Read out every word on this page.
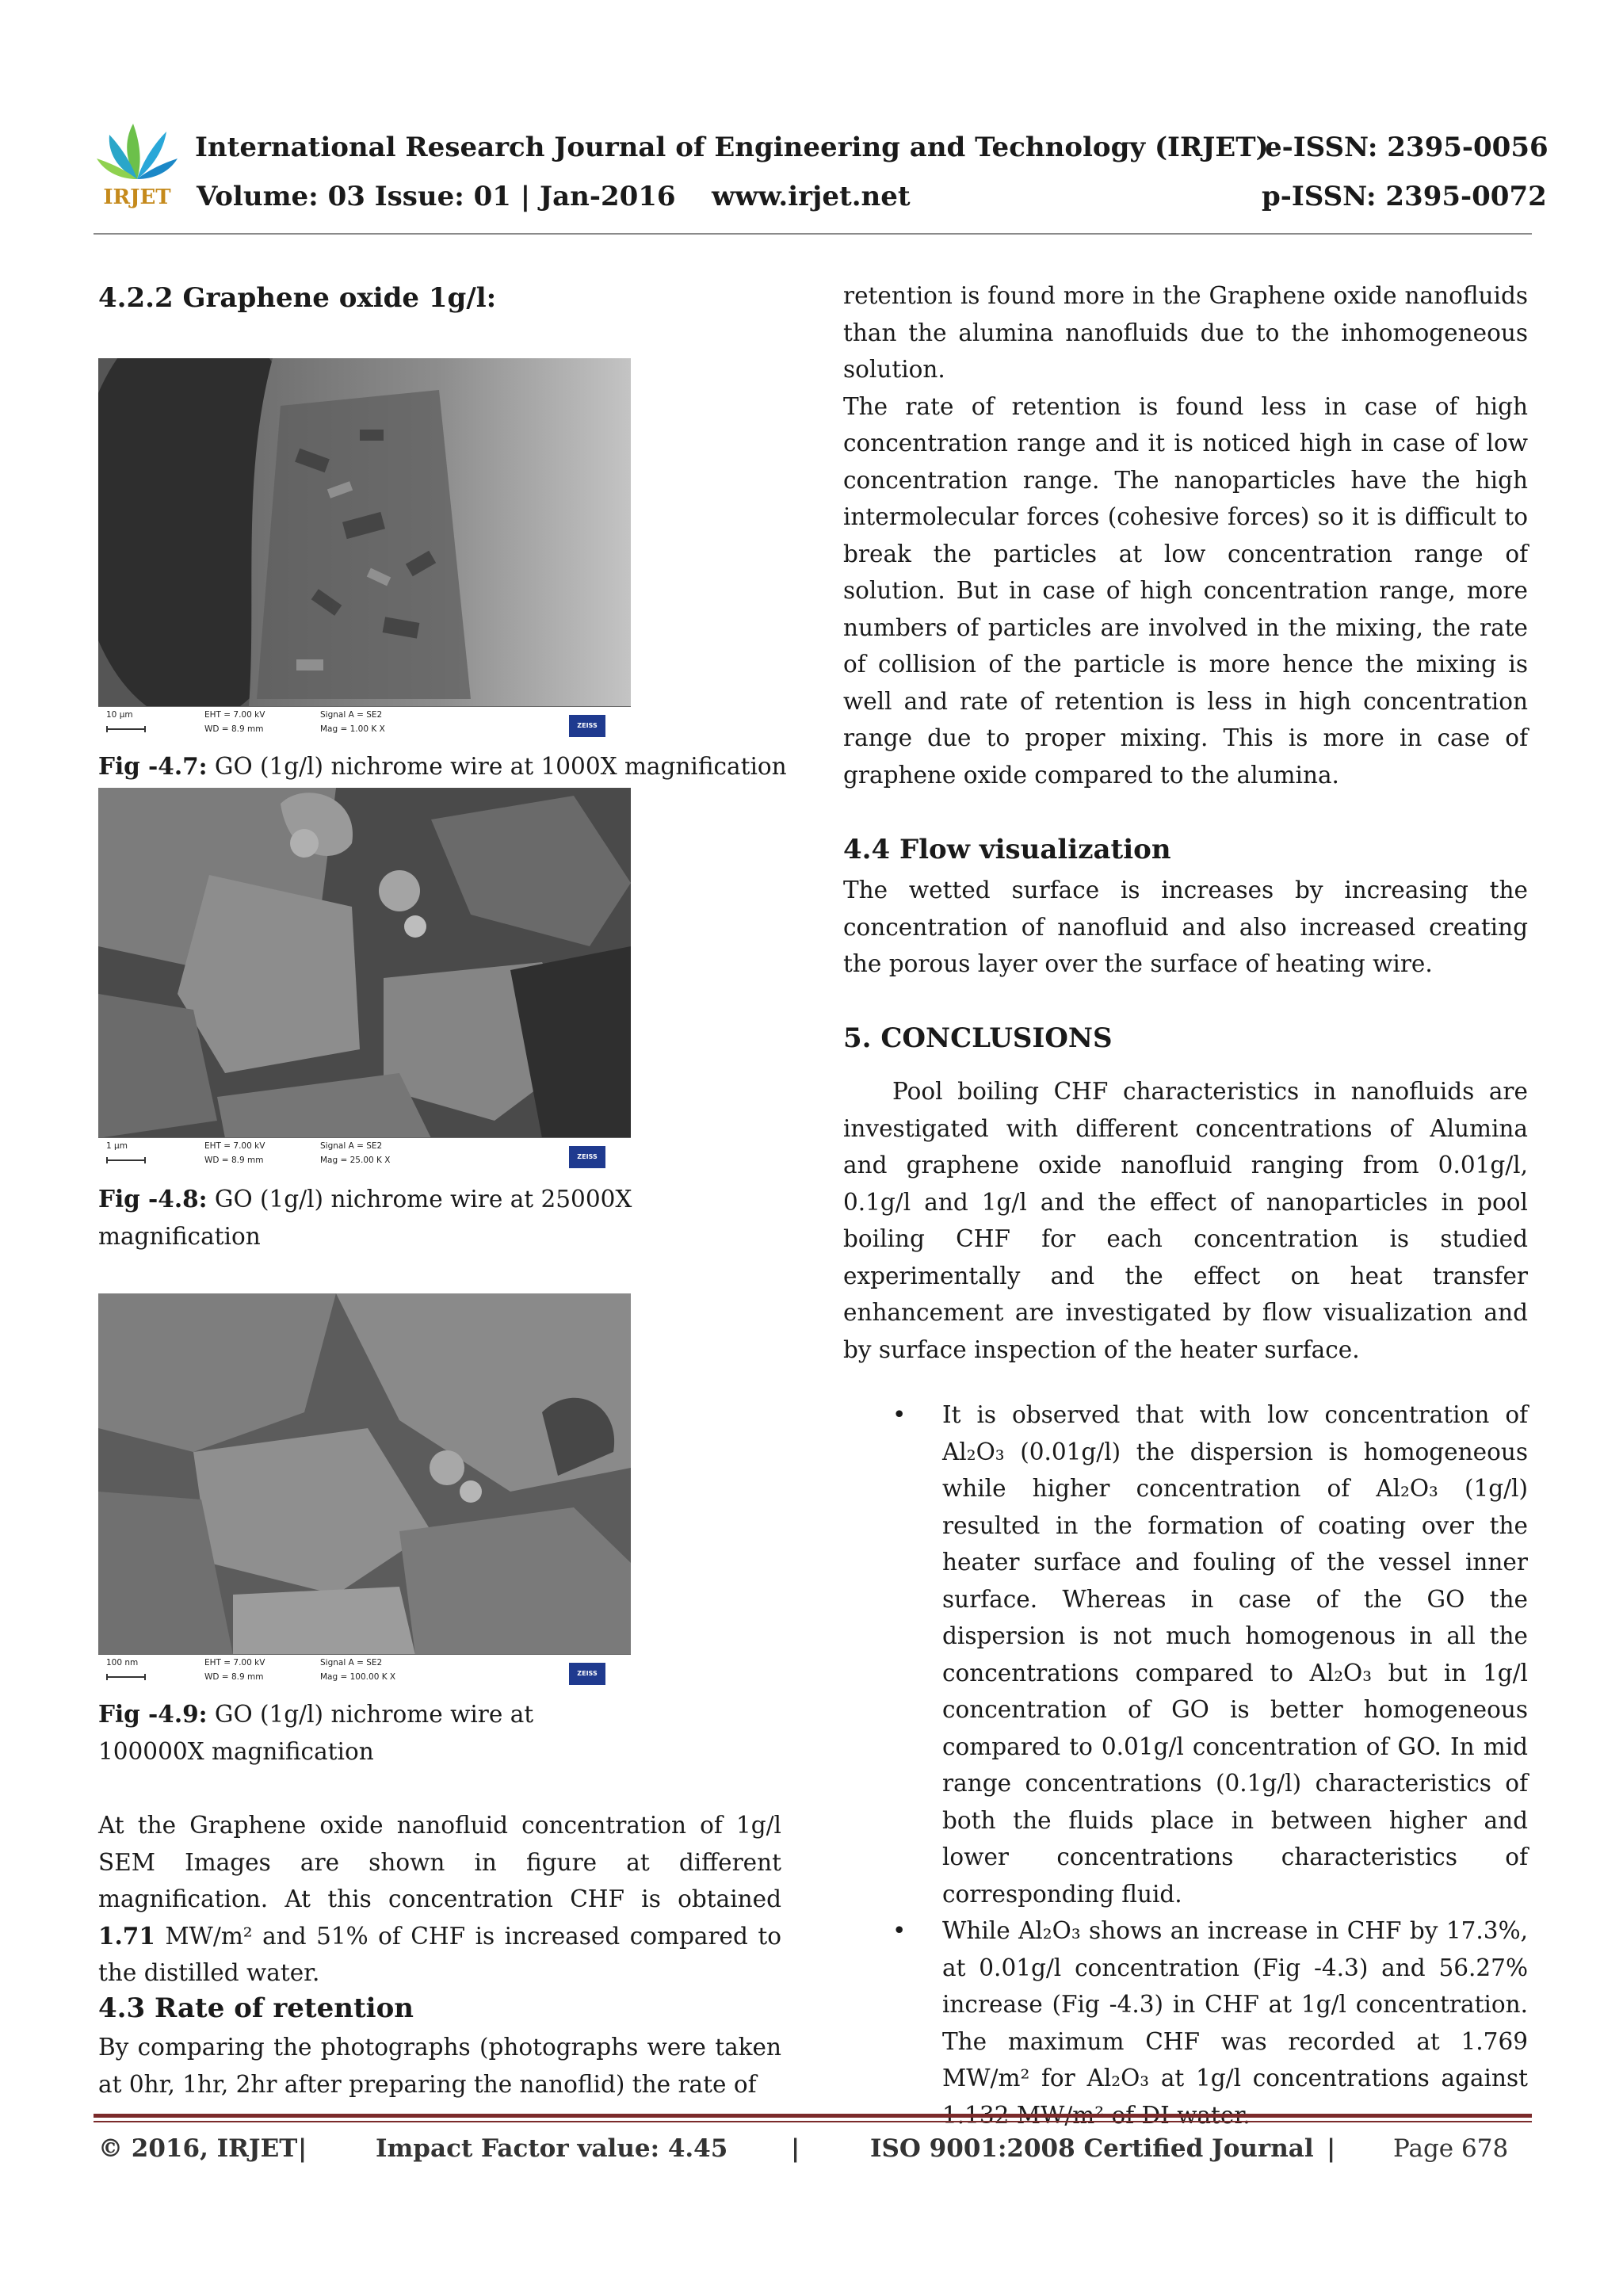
IRJET
International Research Journal of Engineering and Technology (IRJET)
e-ISSN: 2395-0056
Volume: 03 Issue: 01 | Jan-2016 www.irjet.net	p-ISSN: 2395-0072
4.2.2 Graphene oxide 1g/l:
10 µm	EHT = 7.00 kV
WD = 8.9 mm
Signal A = SE2
Mag = 1.00 K X	ZEISS

Fig -4.7: GO (1g/l) nichrome wire at 1000X magnification

1 µm	EHT = 7.00 kV
WD = 8.9 mm
Signal A = SE2
Mag = 25.00 K X	ZEISS

Fig -4.8: GO (1g/l) nichrome wire at 25000X magnification

100 nm	EHT = 7.00 kV
WD = 8.9 mm
Signal A = SE2
Mag = 100.00 K X	ZEISS

Fig -4.9: GO (1g/l) nichrome wire at 100000X magnification

At the Graphene oxide nanofluid concentration of 1g/l SEM Images are shown in figure at different magnification. At this concentration CHF is obtained 1.71 MW/m² and 51% of CHF is increased compared to the distilled water.

4.3 Rate of retention

By comparing the photographs (photographs were taken at 0hr, 1hr, 2hr after preparing the nanoflid) the rate of

retention is found more in the Graphene oxide nanofluids than the alumina nanofluids due to the inhomogeneous solution.

The rate of retention is found less in case of high concentration range and it is noticed high in case of low concentration range. The nanoparticles have the high intermolecular forces (cohesive forces) so it is difficult to break the particles at low concentration range of solution. But in case of high concentration range, more numbers of particles are involved in the mixing, the rate of collision of the particle is more hence the mixing is well and rate of retention is less in high concentration range due to proper mixing. This is more in case of graphene oxide compared to the alumina.

4.4 Flow visualization

The wetted surface is increases by increasing the concentration of nanofluid and also increased creating the porous layer over the surface of heating wire.

5. CONCLUSIONS

Pool boiling CHF characteristics in nanofluids are investigated with different concentrations of Alumina and graphene oxide nanofluid ranging from 0.01g/l, 0.1g/l and 1g/l and the effect of nanoparticles in pool boiling CHF for each concentration is studied experimentally and the effect on heat transfer enhancement are investigated by flow visualization and by surface inspection of the heater surface.

• It is observed that with low concentration of Al₂O₃ (0.01g/l) the dispersion is homogeneous while higher concentration of Al₂O₃ (1g/l) resulted in the formation of coating over the heater surface and fouling of the vessel inner surface. Whereas in case of the GO the dispersion is not much homogenous in all the concentrations compared to Al₂O₃ but in 1g/l concentration of GO is better homogeneous compared to 0.01g/l concentration of GO. In mid range concentrations (0.1g/l) characteristics of both the fluids place in between higher and lower concentrations characteristics of corresponding fluid.
• While Al₂O₃ shows an increase in CHF by 17.3%, at 0.01g/l concentration (Fig -4.3) and 56.27% increase (Fig -4.3) in CHF at 1g/l concentration. The maximum CHF was recorded at 1.769 MW/m² for Al₂O₃ at 1g/l concentrations against 1.132 MW/m² of DI water.
© 2016, IRJET |	Impact Factor value: 4.45	|	ISO 9001:2008 Certified Journal | Page 678
